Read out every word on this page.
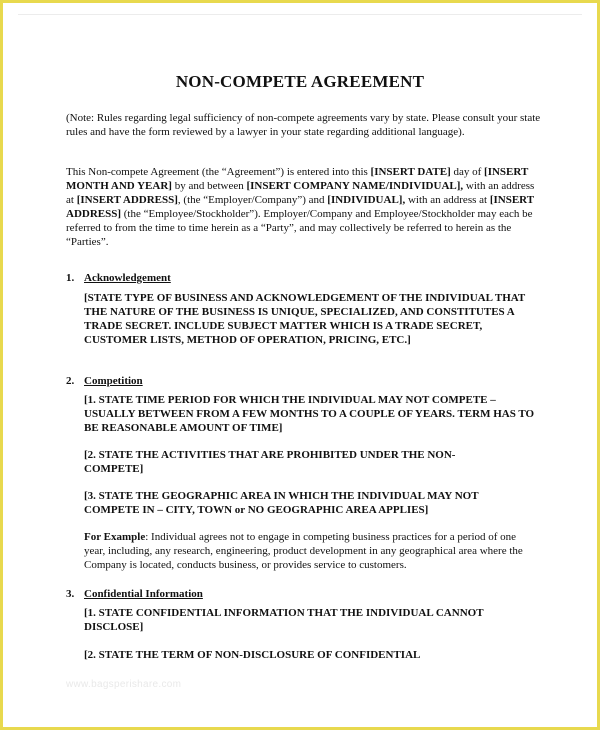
NON-COMPETE AGREEMENT
(Note: Rules regarding legal sufficiency of non-compete agreements vary by state. Please consult your state rules and have the form reviewed by a lawyer in your state regarding additional language).
This Non-compete Agreement (the “Agreement”) is entered into this [INSERT DATE] day of [INSERT MONTH AND YEAR] by and between [INSERT COMPANY NAME/INDIVIDUAL], with an address at [INSERT ADDRESS], (the “Employer/Company”) and [INDIVIDUAL], with an address at [INSERT ADDRESS] (the “Employee/Stockholder”). Employer/Company and Employee/Stockholder may each be referred to from the time to time herein as a “Party”, and may collectively be referred to herein as the “Parties”.
1. Acknowledgement
[STATE TYPE OF BUSINESS AND ACKNOWLEDGEMENT OF THE INDIVIDUAL THAT THE NATURE OF THE BUSINESS IS UNIQUE, SPECIALIZED, AND CONSTITUTES A TRADE SECRET. INCLUDE SUBJECT MATTER WHICH IS A TRADE SECRET, CUSTOMER LISTS, METHOD OF OPERATION, PRICING, ETC.]
2. Competition
[1. STATE TIME PERIOD FOR WHICH THE INDIVIDUAL MAY NOT COMPETE – USUALLY BETWEEN FROM A FEW MONTHS TO A COUPLE OF YEARS. TERM HAS TO BE REASONABLE AMOUNT OF TIME]
[2. STATE THE ACTIVITIES THAT ARE PROHIBITED UNDER THE NON-COMPETE]
[3. STATE THE GEOGRAPHIC AREA IN WHICH THE INDIVIDUAL MAY NOT COMPETE IN – CITY, TOWN or NO GEOGRAPHIC AREA APPLIES]
For Example: Individual agrees not to engage in competing business practices for a period of one year, including, any research, engineering, product development in any geographical area where the Company is located, conducts business, or provides service to customers.
3. Confidential Information
[1. STATE CONFIDENTIAL INFORMATION THAT THE INDIVIDUAL CANNOT DISCLOSE]
[2. STATE THE TERM OF NON-DISCLOSURE OF CONFIDENTIAL
www.bagsperishare.com
